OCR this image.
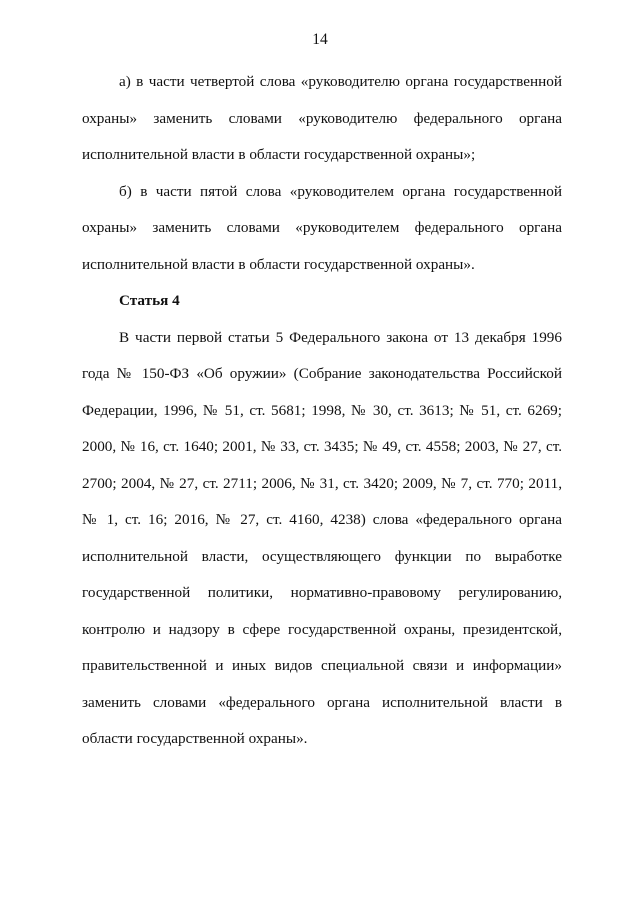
14

а) в части четвертой слова «руководителю органа государственной охраны» заменить словами «руководителю федерального органа исполнительной власти в области государственной охраны»;

б) в части пятой слова «руководителем органа государственной охраны» заменить словами «руководителем федерального органа исполнительной власти в области государственной охраны».

Статья 4

В части первой статьи 5 Федерального закона от 13 декабря 1996 года № 150-ФЗ «Об оружии» (Собрание законодательства Российской Федерации, 1996, № 51, ст. 5681; 1998, № 30, ст. 3613; № 51, ст. 6269; 2000, № 16, ст. 1640; 2001, № 33, ст. 3435; № 49, ст. 4558; 2003, № 27, ст. 2700; 2004, № 27, ст. 2711; 2006, № 31, ст. 3420; 2009, № 7, ст. 770; 2011, № 1, ст. 16; 2016, № 27, ст. 4160, 4238) слова «федерального органа исполнительной власти, осуществляющего функции по выработке государственной политики, нормативно-правовому регулированию, контролю и надзору в сфере государственной охраны, президентской, правительственной и иных видов специальной связи и информации» заменить словами «федерального органа исполнительной власти в области государственной охраны».
